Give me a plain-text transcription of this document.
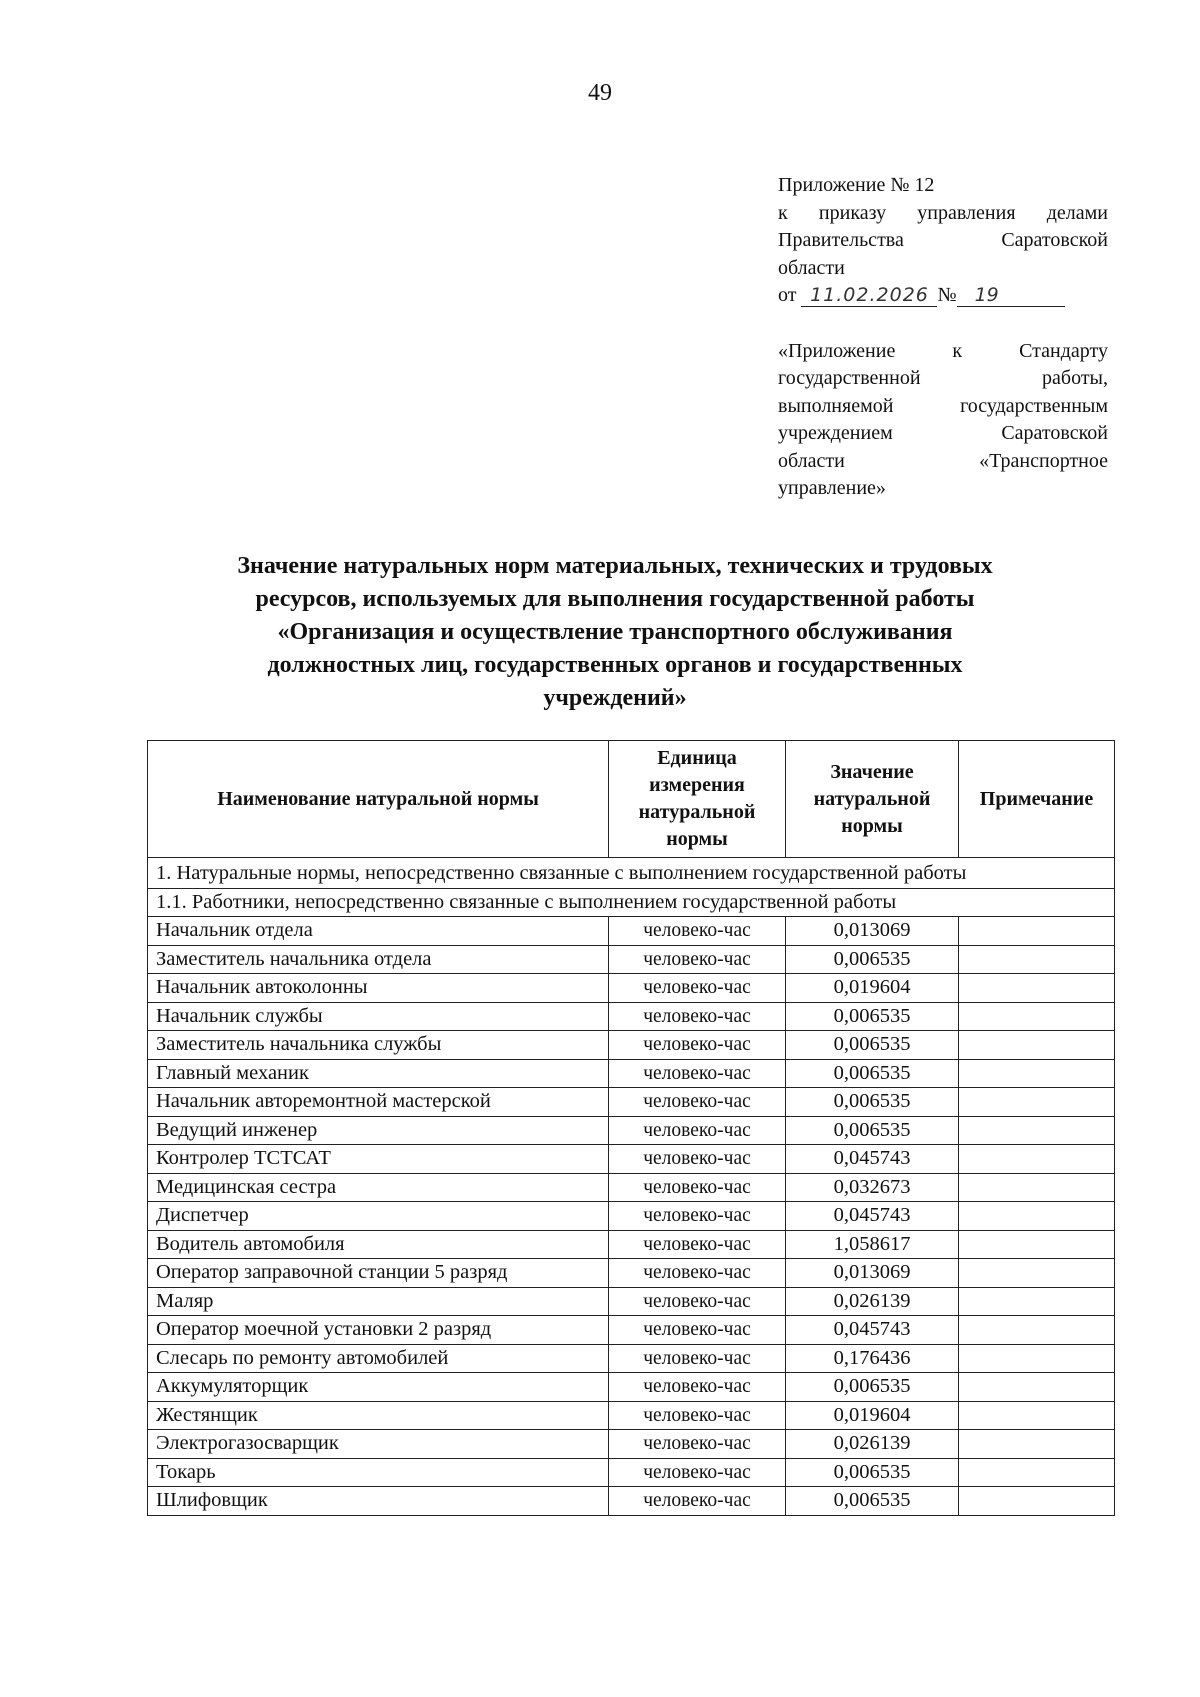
49
Приложение № 12
к приказу управления делами
Правительства Саратовской
области
от
11.02.2026 № 19
«Приложение к Стандарту
государственной работы,
выполняемой государственным
учреждением Саратовской
области «Транспортное
управление»
Значение натуральных норм материальных, технических и трудовых
ресурсов, используемых для выполнения государственной работы
«Организация и осуществление транспортного обслуживания
должностных лиц, государственных органов и государственных
учреждений»
Наименование натуральной нормы	Единица измерения натуральной нормы	Значение натуральной нормы	Примечание
1. Натуральные нормы, непосредственно связанные с выполнением государственной работы			
1.1. Работники, непосредственно связанные с выполнением государственной работы			
Начальник отдела	человеко-час	0,013069	
Заместитель начальника отдела	человеко-час	0,006535	
Начальник автоколонны	человеко-час	0,019604	
Начальник службы	человеко-час	0,006535	
Заместитель начальника службы	человеко-час	0,006535	
Главный механик	человеко-час	0,006535	
Начальник авторемонтной мастерской	человеко-час	0,006535	
Ведущий инженер	человеко-час	0,006535	
Контролер ТСТСАТ	человеко-час	0,045743	
Медицинская сестра	человеко-час	0,032673	
Диспетчер	человеко-час	0,045743	
Водитель автомобиля	человеко-час	1,058617	
Оператор заправочной станции 5 разряд	человеко-час	0,013069	
Маляр	человеко-час	0,026139	
Оператор моечной установки 2 разряд	человеко-час	0,045743	
Слесарь по ремонту автомобилей	человеко-час	0,176436	
Аккумуляторщик	человеко-час	0,006535	
Жестянщик	человеко-час	0,019604	
Электрогазосварщик	человеко-час	0,026139	
Токарь	человеко-час	0,006535	
Шлифовщик	человеко-час	0,006535	
